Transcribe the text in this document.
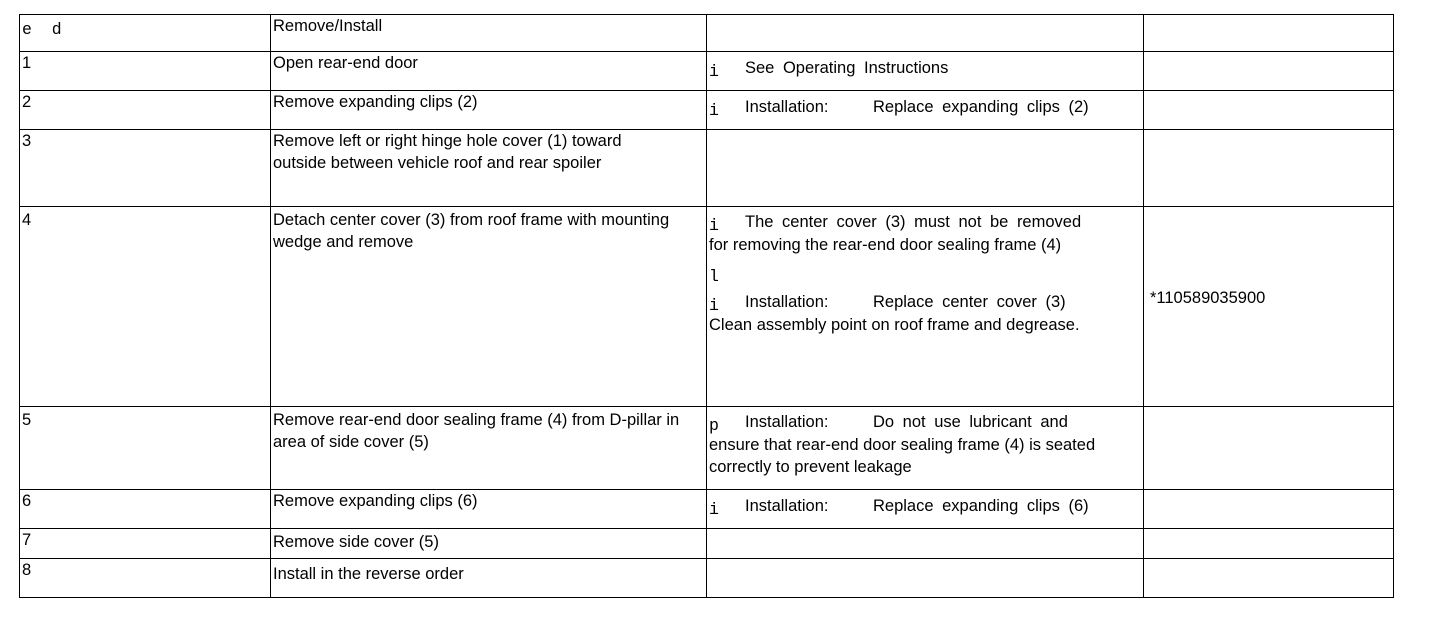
e  d	Remove/Install		
1	Open rear-end door	i See Operating Instructions	
2	Remove expanding clips (2)	i Installation: Replace expanding clips (2)	
3	Remove left or right hinge hole cover (1) toward outside between vehicle roof and rear spoiler		
4	Detach center cover (3) from roof frame with mounting wedge and remove	i The center cover (3) must not be removed
for removing the rear-end door sealing frame (4)
l
i Installation: Replace center cover (3)
Clean assembly point on roof frame and degrease.	*110589035900
5	Remove rear-end door sealing frame (4) from D-pillar in area of side cover (5)	p Installation: Do not use lubricant and
ensure that rear-end door sealing frame (4) is seated correctly to prevent leakage	

6	Remove expanding clips (6)	i Installation: Replace expanding clips (6)	
7	Remove side cover (5)		
8	Install in the reverse order		
